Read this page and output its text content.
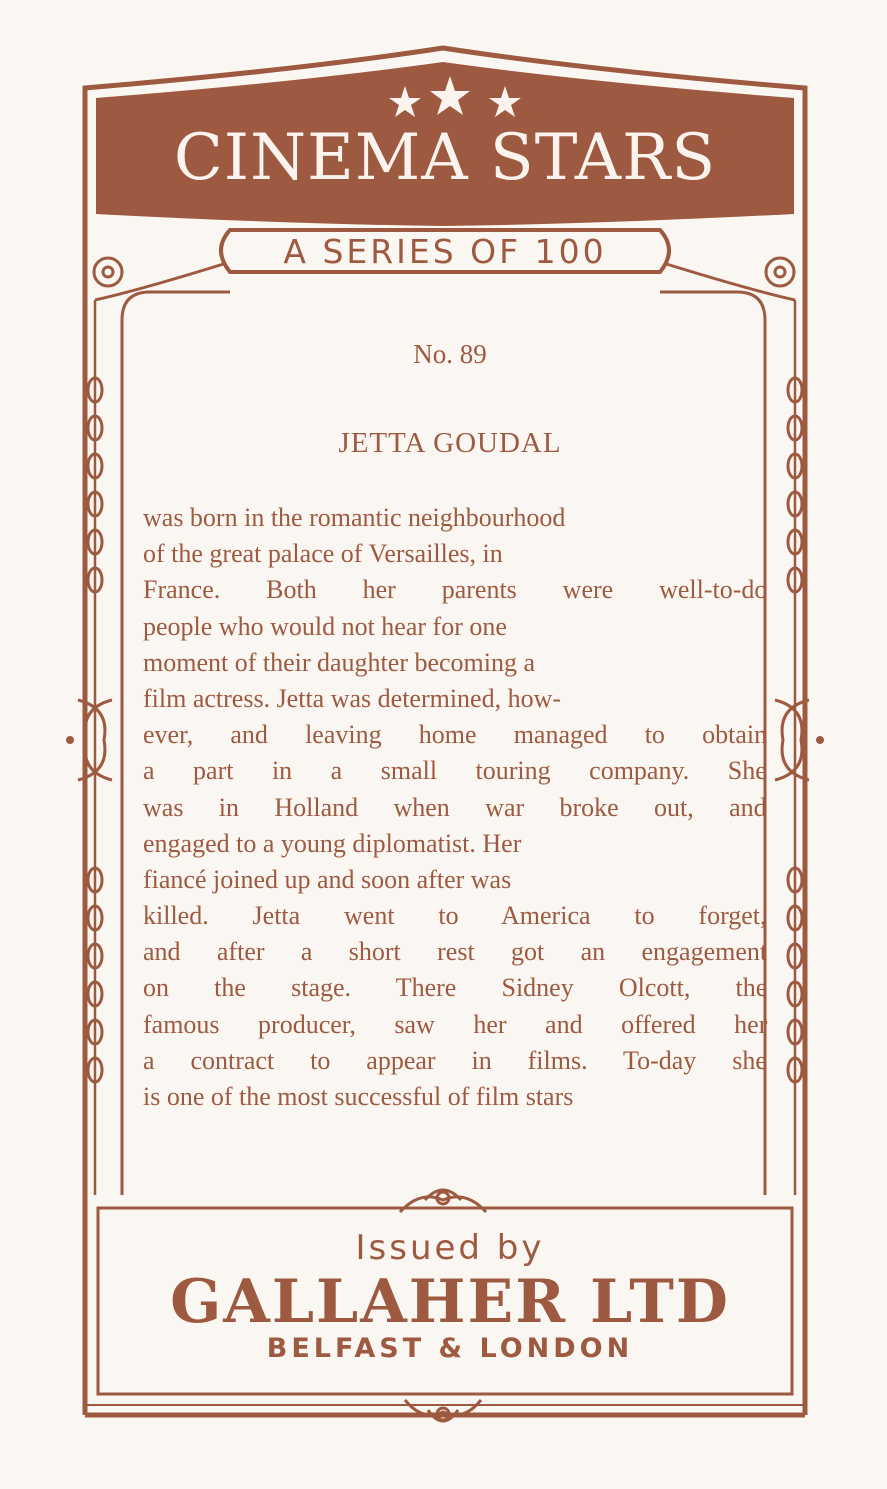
CINEMA STARS
A SERIES OF 100
No. 89
JETTA GOUDAL
was born in the romantic neighbourhood
of the great palace of Versailles, in
France. Both her parents were well-to-do
people who would not hear for one
moment of their daughter becoming a
film actress. Jetta was determined, how-
ever, and leaving home managed to obtain
a part in a small touring company. She
was in Holland when war broke out, and
engaged to a young diplomatist. Her
fiancé joined up and soon after was
killed. Jetta went to America to forget,
and after a short rest got an engagement
on the stage. There Sidney Olcott, the
famous producer, saw her and offered her
a contract to appear in films. To-day she
is one of the most successful of film stars
Issued by
GALLAHER LTD
BELFAST & LONDON
